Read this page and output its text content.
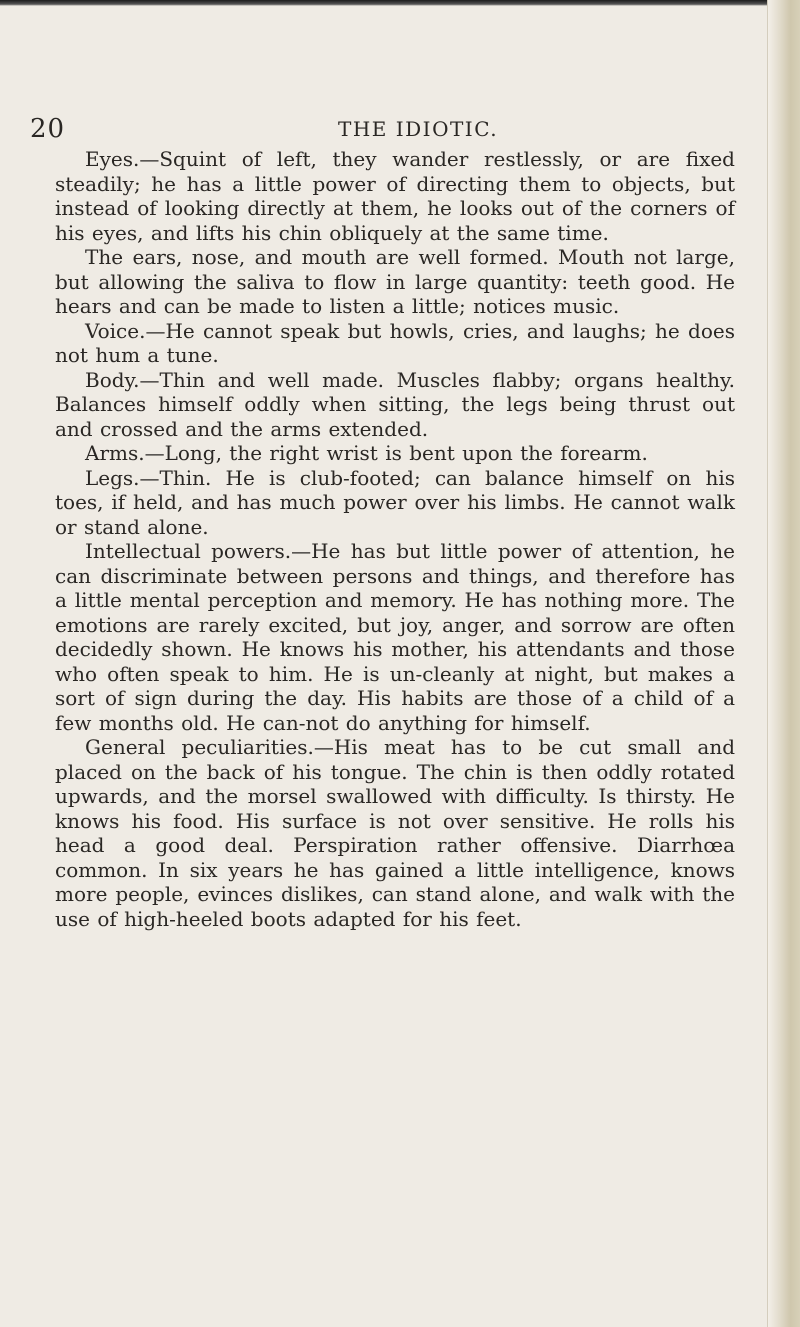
20	THE IDIOTIC.

Eyes.—Squint of left, they wander restlessly, or are fixed steadily; he has a little power of directing them to objects, but instead of looking directly at them, he looks out of the corners of his eyes, and lifts his chin obliquely at the same time.

The ears, nose, and mouth are well formed. Mouth not large, but allowing the saliva to flow in large quantity: teeth good. He hears and can be made to listen a little; notices music.

Voice.—He cannot speak but howls, cries, and laughs; he does not hum a tune.

Body.—Thin and well made. Muscles flabby; organs healthy. Balances himself oddly when sitting, the legs being thrust out and crossed and the arms extended.

Arms.—Long, the right wrist is bent upon the forearm.

Legs.—Thin. He is club-footed; can balance himself on his toes, if held, and has much power over his limbs. He cannot walk or stand alone.

Intellectual powers.—He has but little power of attention, he can discriminate between persons and things, and therefore has a little mental perception and memory. He has nothing more. The emotions are rarely excited, but joy, anger, and sorrow are often decidedly shown. He knows his mother, his attendants and those who often speak to him. He is un-cleanly at night, but makes a sort of sign during the day. His habits are those of a child of a few months old. He can-not do anything for himself.

General peculiarities.—His meat has to be cut small and placed on the back of his tongue. The chin is then oddly rotated upwards, and the morsel swallowed with difficulty. Is thirsty. He knows his food. His surface is not over sensitive. He rolls his head a good deal. Perspiration rather offensive. Diarrhœa common. In six years he has gained a little intelligence, knows more people, evinces dislikes, can stand alone, and walk with the use of high-heeled boots adapted for his feet.
